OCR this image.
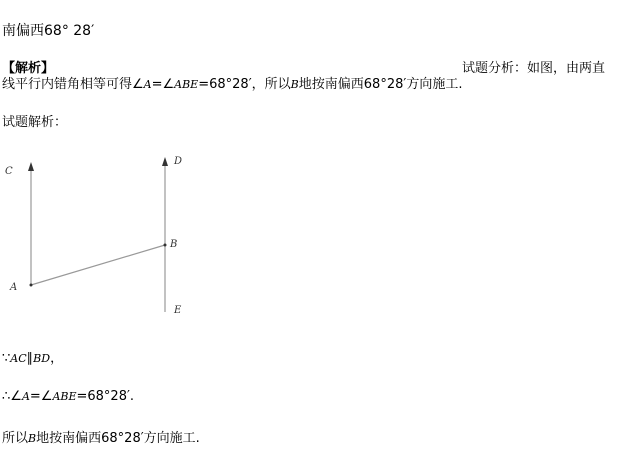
南偏西68° 28′
【解析】	试题分析：如图，由两直
线平行内错角相等可得∠A=∠ABE=68°28′，所以B地按南偏西68°28′方向施工.
试题解析：
C
D
B
A
E
∵AC∥BD，
∴∠A=∠ABE=68°28′.
所以B地按南偏西68°28′方向施工.
